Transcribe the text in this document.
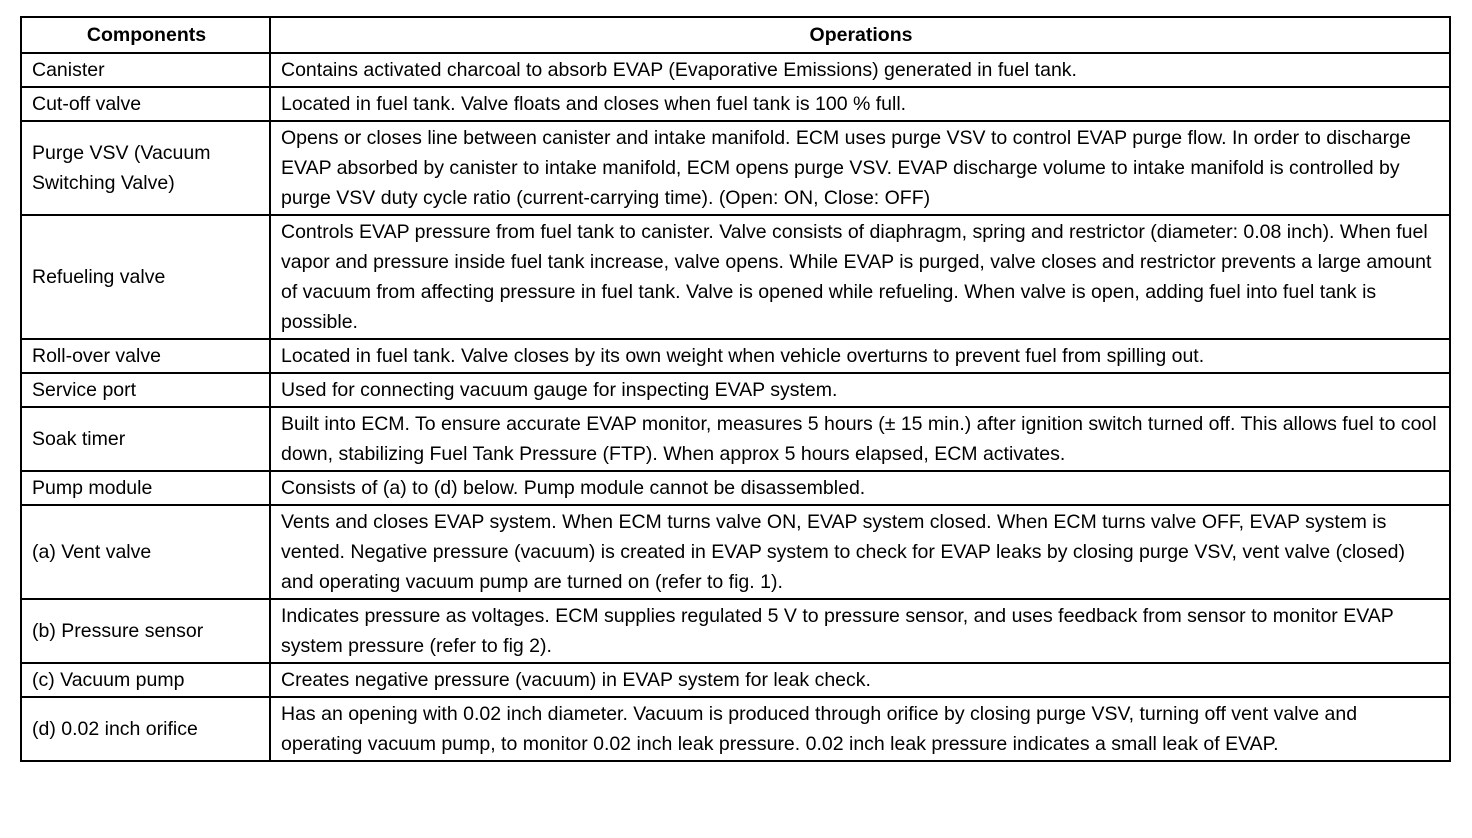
Components	Operations
Canister	Contains activated charcoal to absorb EVAP (Evaporative Emissions) generated in fuel tank.
Cut-off valve	Located in fuel tank. Valve floats and closes when fuel tank is 100 % full.
Purge VSV (Vacuum Switching Valve)	Opens or closes line between canister and intake manifold. ECM uses purge VSV to control EVAP purge flow. In order to discharge EVAP absorbed by canister to intake manifold, ECM opens purge VSV. EVAP discharge volume to intake manifold is controlled by purge VSV duty cycle ratio (current-carrying time). (Open: ON, Close: OFF)
Refueling valve	Controls EVAP pressure from fuel tank to canister. Valve consists of diaphragm, spring and restrictor (diameter: 0.08 inch). When fuel vapor and pressure inside fuel tank increase, valve opens. While EVAP is purged, valve closes and restrictor prevents a large amount of vacuum from affecting pressure in fuel tank. Valve is opened while refueling. When valve is open, adding fuel into fuel tank is possible.
Roll-over valve	Located in fuel tank. Valve closes by its own weight when vehicle overturns to prevent fuel from spilling out.
Service port	Used for connecting vacuum gauge for inspecting EVAP system.
Soak timer	Built into ECM. To ensure accurate EVAP monitor, measures 5 hours (± 15 min.) after ignition switch turned off. This allows fuel to cool down, stabilizing Fuel Tank Pressure (FTP). When approx 5 hours elapsed, ECM activates.
Pump module	Consists of (a) to (d) below. Pump module cannot be disassembled.
(a) Vent valve	Vents and closes EVAP system. When ECM turns valve ON, EVAP system closed. When ECM turns valve OFF, EVAP system is vented. Negative pressure (vacuum) is created in EVAP system to check for EVAP leaks by closing purge VSV, vent valve (closed) and operating vacuum pump are turned on (refer to fig. 1).
(b) Pressure sensor	Indicates pressure as voltages. ECM supplies regulated 5 V to pressure sensor, and uses feedback from sensor to monitor EVAP system pressure (refer to fig 2).
(c) Vacuum pump	Creates negative pressure (vacuum) in EVAP system for leak check.
(d) 0.02 inch orifice	Has an opening with 0.02 inch diameter. Vacuum is produced through orifice by closing purge VSV, turning off vent valve and operating vacuum pump, to monitor 0.02 inch leak pressure. 0.02 inch leak pressure indicates a small leak of EVAP.
